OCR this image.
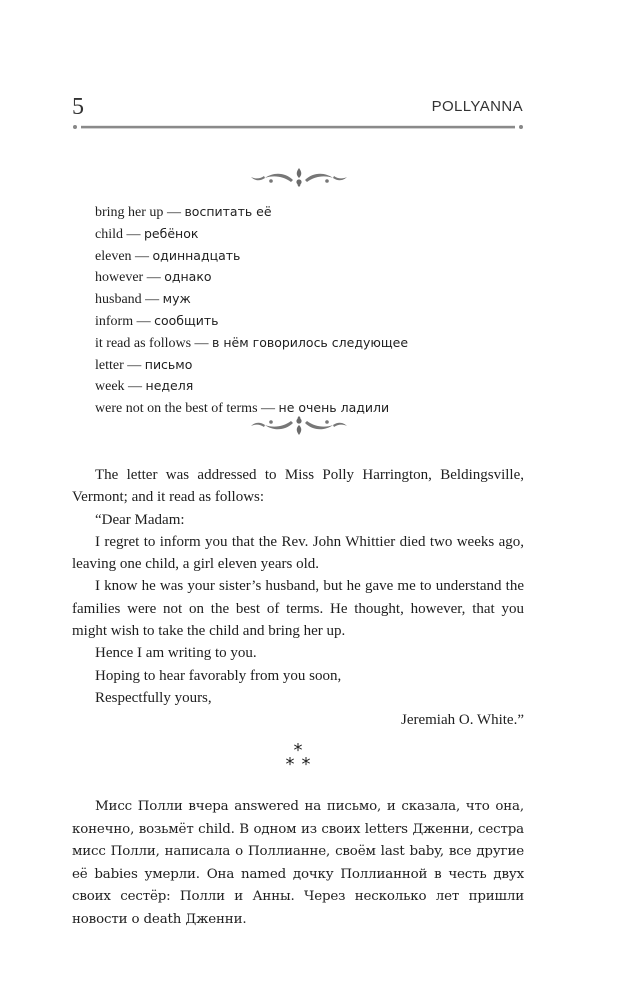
5	POLLYANNA
bring her up — воспитать её
child — ребёнок
eleven — одиннадцать
however — однако
husband — муж
inform — сообщить
it read as follows — в нём говорилось следующее
letter — письмо
week — неделя
were not on the best of terms — не очень ладили

The letter was addressed to Miss Polly Harrington, Beldingsville, Vermont; and it read as follows:

“Dear Madam:

I regret to inform you that the Rev. John Whittier died two weeks ago, leaving one child, a girl eleven years old.

I know he was your sister’s husband, but he gave me to understand the families were not on the best of terms. He thought, however, that you might wish to take the child and bring her up.

Hence I am writing to you.

Hoping to hear favorably from you soon,

Respectfully yours,

Jeremiah O. White.”

*
* *

Мисс Полли вчера answered на письмо, и сказала, что она, конечно, возьмёт child. В одном из своих letters Дженни, сестра мисс Полли, написала о Поллианне, своём last baby, все другие её babies умерли. Она named дочку Поллианной в честь двух своих сестёр: Полли и Анны. Через несколько лет пришли новости о death Дженни.
